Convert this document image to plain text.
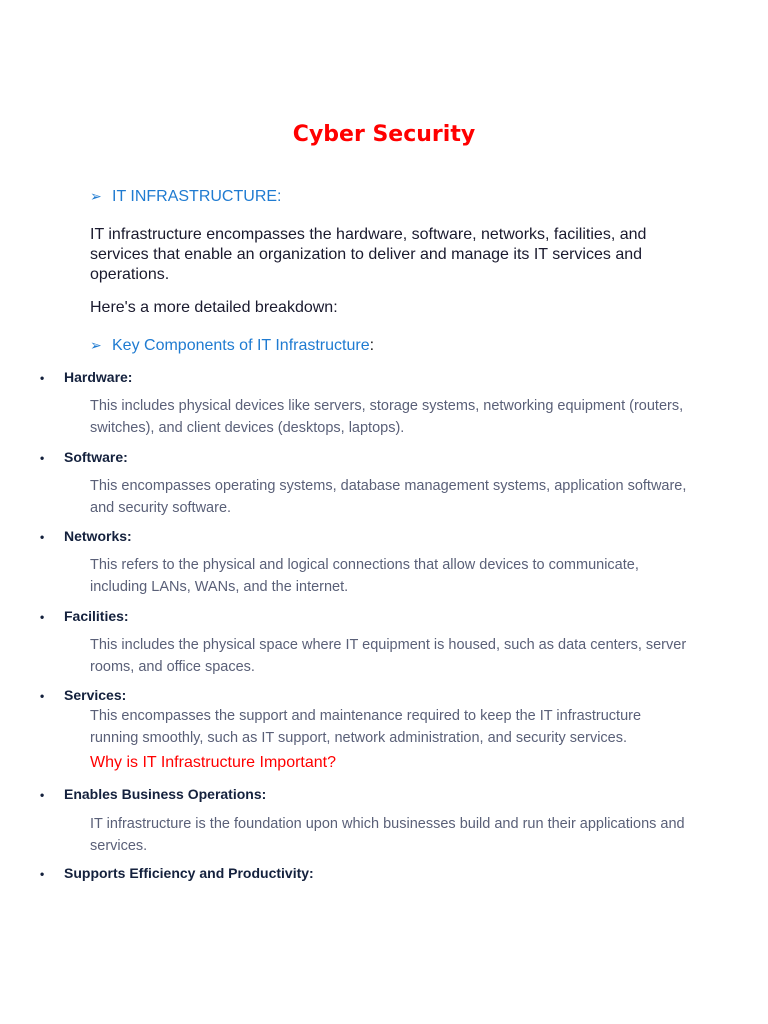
Cyber Security
➢ IT INFRASTRUCTURE:

IT infrastructure encompasses the hardware, software, networks, facilities, and services that enable an organization to deliver and manage its IT services and operations.

Here's a more detailed breakdown:

➢ Key Components of IT Infrastructure:
• Hardware:

This includes physical devices like servers, storage systems, networking equipment (routers, switches), and client devices (desktops, laptops).

• Software:

This encompasses operating systems, database management systems, application software, and security software.

• Networks:

This refers to the physical and logical connections that allow devices to communicate, including LANs, WANs, and the internet.

• Facilities:

This includes the physical space where IT equipment is housed, such as data centers, server rooms, and office spaces.

• Services:

This encompasses the support and maintenance required to keep the IT infrastructure running smoothly, such as IT support, network administration, and security services.

Why is IT Infrastructure Important?

• Enables Business Operations:

IT infrastructure is the foundation upon which businesses build and run their applications and services.

• Supports Efficiency and Productivity:
